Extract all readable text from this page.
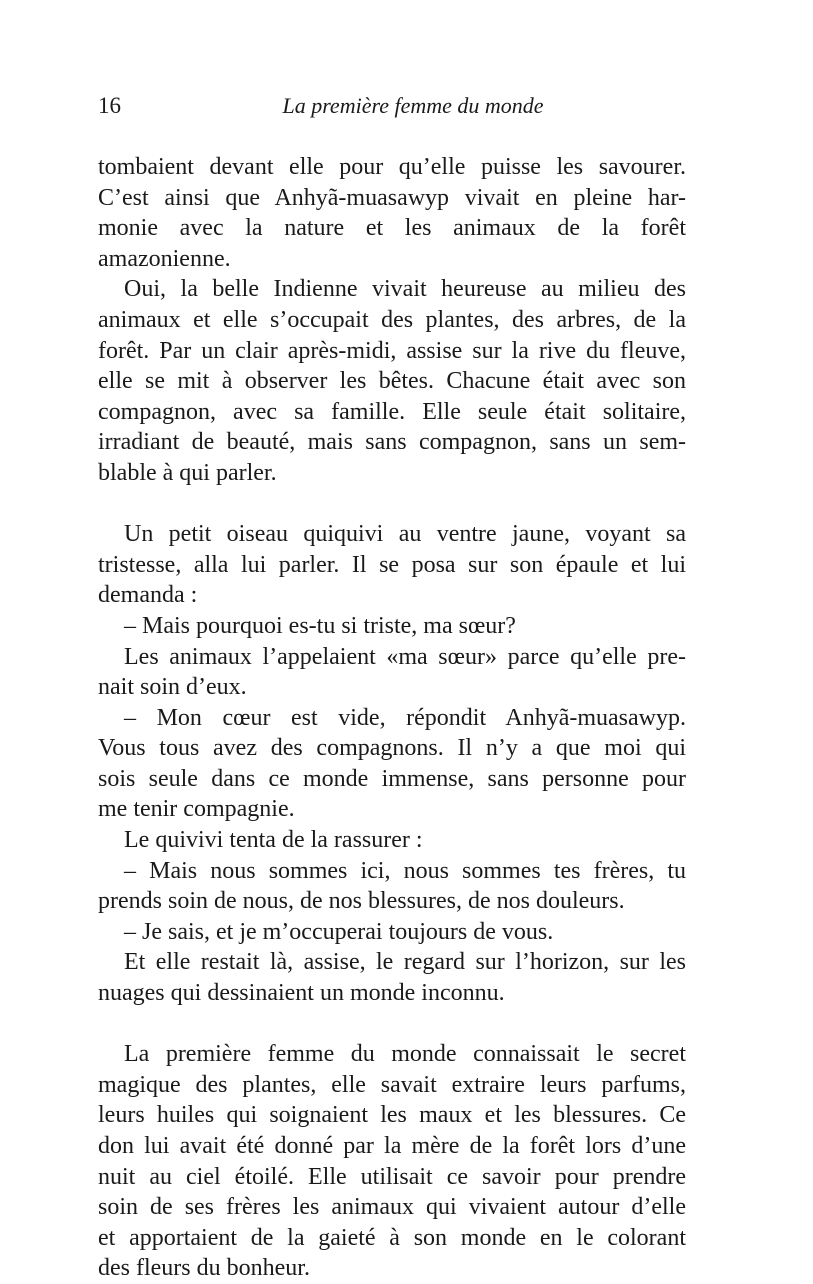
16	La première femme du monde
tombaient devant elle pour qu’elle puisse les savourer.
C’est ainsi que Anhyã-muasawyp vivait en pleine har-
monie avec la nature et les animaux de la forêt
amazonienne.
Oui, la belle Indienne vivait heureuse au milieu des
animaux et elle s’occupait des plantes, des arbres, de la
forêt. Par un clair après-midi, assise sur la rive du fleuve,
elle se mit à observer les bêtes. Chacune était avec son
compagnon, avec sa famille. Elle seule était solitaire,
irradiant de beauté, mais sans compagnon, sans un sem-
blable à qui parler.
Un petit oiseau quiquivi au ventre jaune, voyant sa
tristesse, alla lui parler. Il se posa sur son épaule et lui
demanda :
– Mais pourquoi es-tu si triste, ma sœur?
Les animaux l’appelaient «ma sœur» parce qu’elle pre-
nait soin d’eux.
– Mon cœur est vide, répondit Anhyã-muasawyp.
Vous tous avez des compagnons. Il n’y a que moi qui
sois seule dans ce monde immense, sans personne pour
me tenir compagnie.
Le quivivi tenta de la rassurer :
– Mais nous sommes ici, nous sommes tes frères, tu
prends soin de nous, de nos blessures, de nos douleurs.
– Je sais, et je m’occuperai toujours de vous.
Et elle restait là, assise, le regard sur l’horizon, sur les
nuages qui dessinaient un monde inconnu.
La première femme du monde connaissait le secret
magique des plantes, elle savait extraire leurs parfums,
leurs huiles qui soignaient les maux et les blessures. Ce
don lui avait été donné par la mère de la forêt lors d’une
nuit au ciel étoilé. Elle utilisait ce savoir pour prendre
soin de ses frères les animaux qui vivaient autour d’elle
et apportaient de la gaieté à son monde en le colorant
des fleurs du bonheur.
